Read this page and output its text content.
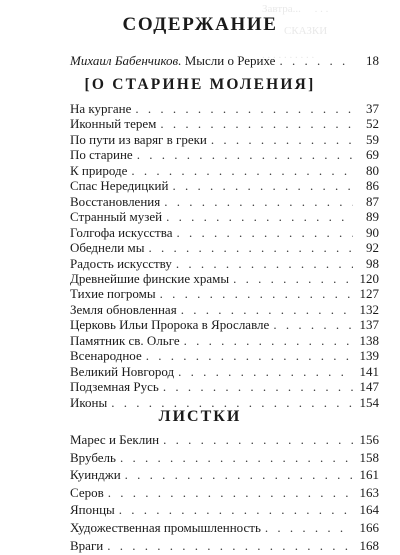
Завтра...     . . .
СКАЗКИ
. . . . . . . . . .
СОДЕРЖАНИЕ
Михаил Бабенчиков. Мысли о Рерихе . . .	18
[О СТАРИНЕ МОЛЕНИЯ]
На кургане . . .	37
Иконный терем . . .	52
По пути из варяг в греки . . .	59
По старине . . .	69
К природе . . .	80
Спас Нередицкий . . .	86
Восстановления . . .	87
Странный музей . . .	89
Голгофа искусства . . .	90
Обеднели мы . . .	92
Радость искусству . . .	98
Древнейшие финские храмы . . .	120
Тихие погромы . . .	127
Земля обновленная . . .	132
Церковь Ильи Пророка в Ярославле . . .	137
Памятник св. Ольге . . .	138
Всенародное . . .	139
Великий Новгород . . .	141
Подземная Русь . . .	147
Иконы . . .	154
ЛИСТКИ
Марес и Беклин . . .	156
Врубель . . .	158
Куинджи . . .	161
Серов . . .	163
Японцы . . .	164
Художественная промышленность . . .	166
Враги . . .	168
